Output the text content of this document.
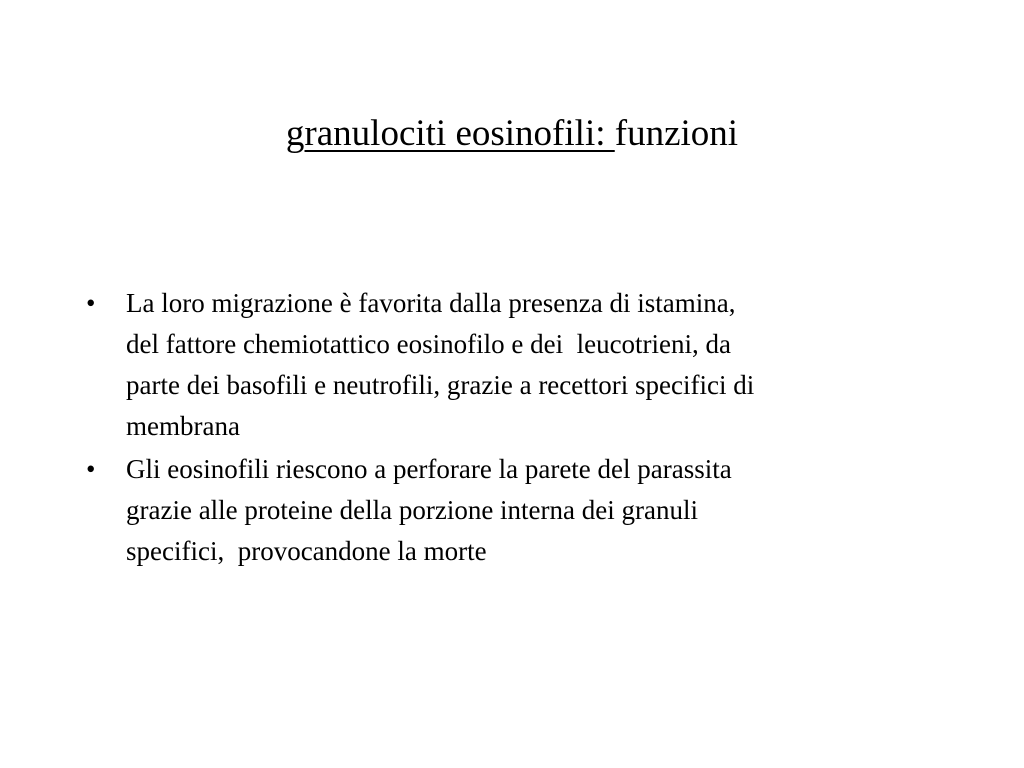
granulociti eosinofili: funzioni
•	La loro migrazione è favorita dalla presenza di istamina,
del fattore chemiotattico eosinofilo e dei  leucotrieni, da
parte dei basofili e neutrofili, grazie a recettori specifici di
membrana
•	Gli eosinofili riescono a perforare la parete del parassita
grazie alle proteine della porzione interna dei granuli
specifici,  provocandone la morte
